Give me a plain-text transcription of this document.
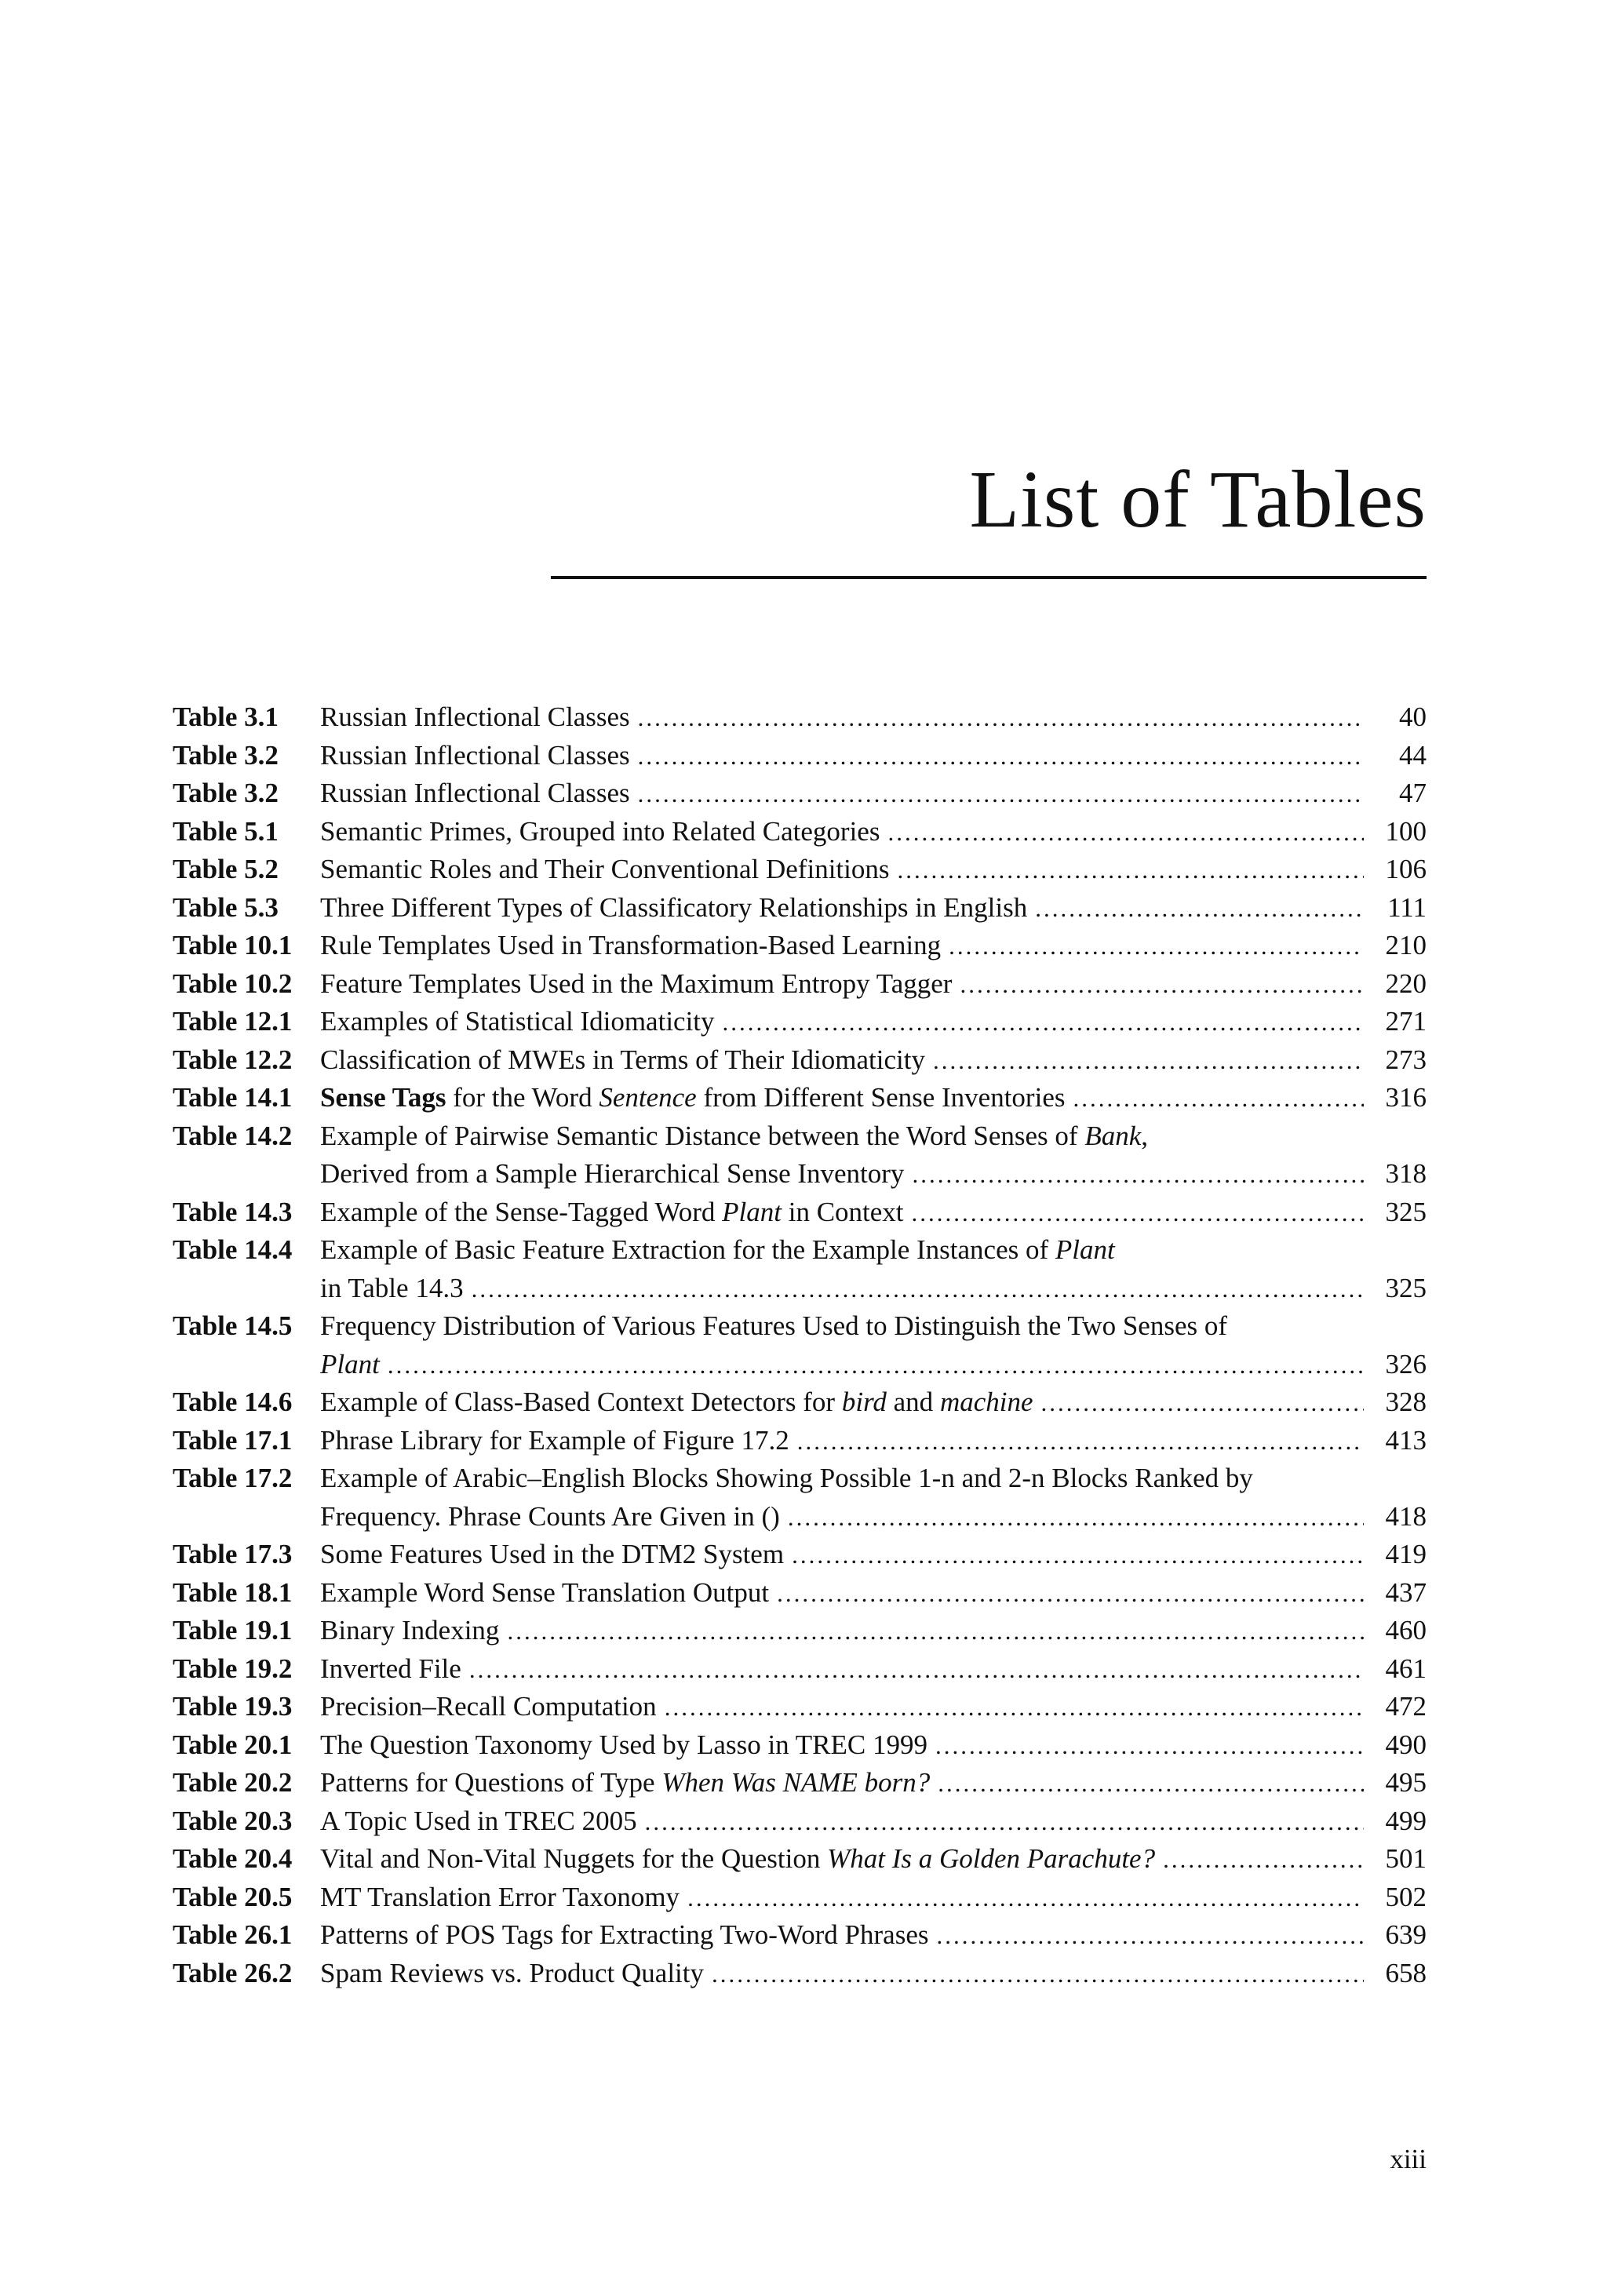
List of Tables
Table 3.1	Russian Inflectional Classes .....	40
Table 3.2	Russian Inflectional Classes .....	44
Table 3.2	Russian Inflectional Classes .....	47
Table 5.1	Semantic Primes, Grouped into Related Categories .....	100
Table 5.2	Semantic Roles and Their Conventional Definitions .....	106
Table 5.3	Three Different Types of Classificatory Relationships in English .....	111
Table 10.1	Rule Templates Used in Transformation-Based Learning .....	210
Table 10.2	Feature Templates Used in the Maximum Entropy Tagger .....	220
Table 12.1	Examples of Statistical Idiomaticity .....	271
Table 12.2	Classification of MWEs in Terms of Their Idiomaticity .....	273
Table 14.1	Sense Tags for the Word Sentence from Different Sense Inventories .....	316
Table 14.2	Example of Pairwise Semantic Distance between the Word Senses of Bank,
Derived from a Sample Hierarchical Sense Inventory .....	318
Table 14.3	Example of the Sense-Tagged Word Plant in Context .....	325
Table 14.4	Example of Basic Feature Extraction for the Example Instances of Plant
in Table 14.3 .....	325
Table 14.5	Frequency Distribution of Various Features Used to Distinguish the Two Senses of
Plant .....	326
Table 14.6	Example of Class-Based Context Detectors for bird and machine .....	328
Table 17.1	Phrase Library for Example of Figure 17.2 .....	413
Table 17.2	Example of Arabic–English Blocks Showing Possible 1-n and 2-n Blocks Ranked by
Frequency. Phrase Counts Are Given in () .....	418
Table 17.3	Some Features Used in the DTM2 System .....	419
Table 18.1	Example Word Sense Translation Output .....	437
Table 19.1	Binary Indexing .....	460
Table 19.2	Inverted File .....	461
Table 19.3	Precision–Recall Computation .....	472
Table 20.1	The Question Taxonomy Used by Lasso in TREC 1999 .....	490
Table 20.2	Patterns for Questions of Type When Was NAME born? .....	495
Table 20.3	A Topic Used in TREC 2005 .....	499
Table 20.4	Vital and Non-Vital Nuggets for the Question What Is a Golden Parachute? .....	501
Table 20.5	MT Translation Error Taxonomy .....	502
Table 26.1	Patterns of POS Tags for Extracting Two-Word Phrases .....	639
Table 26.2	Spam Reviews vs. Product Quality .....	658

xiii
